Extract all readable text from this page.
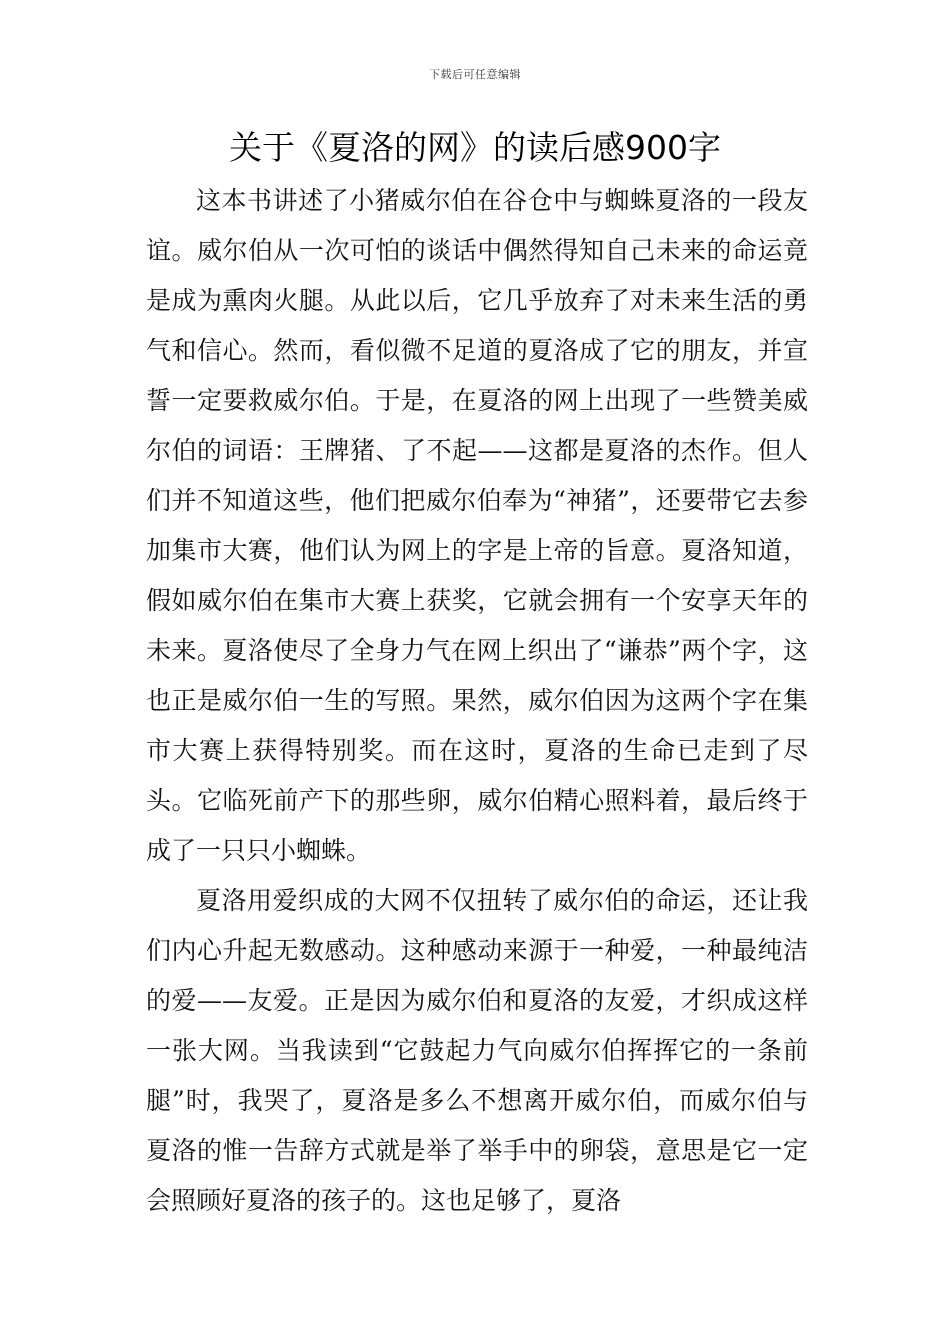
下载后可任意编辑
关于《夏洛的网》的读后感900字

这本书讲述了小猪威尔伯在谷仓中与蜘蛛夏洛的一段友谊。威尔伯从一次可怕的谈话中偶然得知自己未来的命运竟是成为熏肉火腿。从此以后，它几乎放弃了对未来生活的勇气和信心。然而，看似微不足道的夏洛成了它的朋友，并宣誓一定要救威尔伯。于是，在夏洛的网上出现了一些赞美威尔伯的词语：王牌猪、了不起——这都是夏洛的杰作。但人们并不知道这些，他们把威尔伯奉为“神猪”，还要带它去参加集市大赛，他们认为网上的字是上帝的旨意。夏洛知道，假如威尔伯在集市大赛上获奖，它就会拥有一个安享天年的未来。夏洛使尽了全身力气在网上织出了“谦恭”两个字，这也正是威尔伯一生的写照。果然，威尔伯因为这两个字在集市大赛上获得特别奖。而在这时，夏洛的生命已走到了尽头。它临死前产下的那些卵，威尔伯精心照料着，最后终于成了一只只小蜘蛛。

夏洛用爱织成的大网不仅扭转了威尔伯的命运，还让我们内心升起无数感动。这种感动来源于一种爱，一种最纯洁的爱——友爱。正是因为威尔伯和夏洛的友爱，才织成这样一张大网。当我读到“它鼓起力气向威尔伯挥挥它的一条前腿”时，我哭了，夏洛是多么不想离开威尔伯，而威尔伯与夏洛的惟一告辞方式就是举了举手中的卵袋，意思是它一定会照顾好夏洛的孩子的。这也足够了，夏洛
